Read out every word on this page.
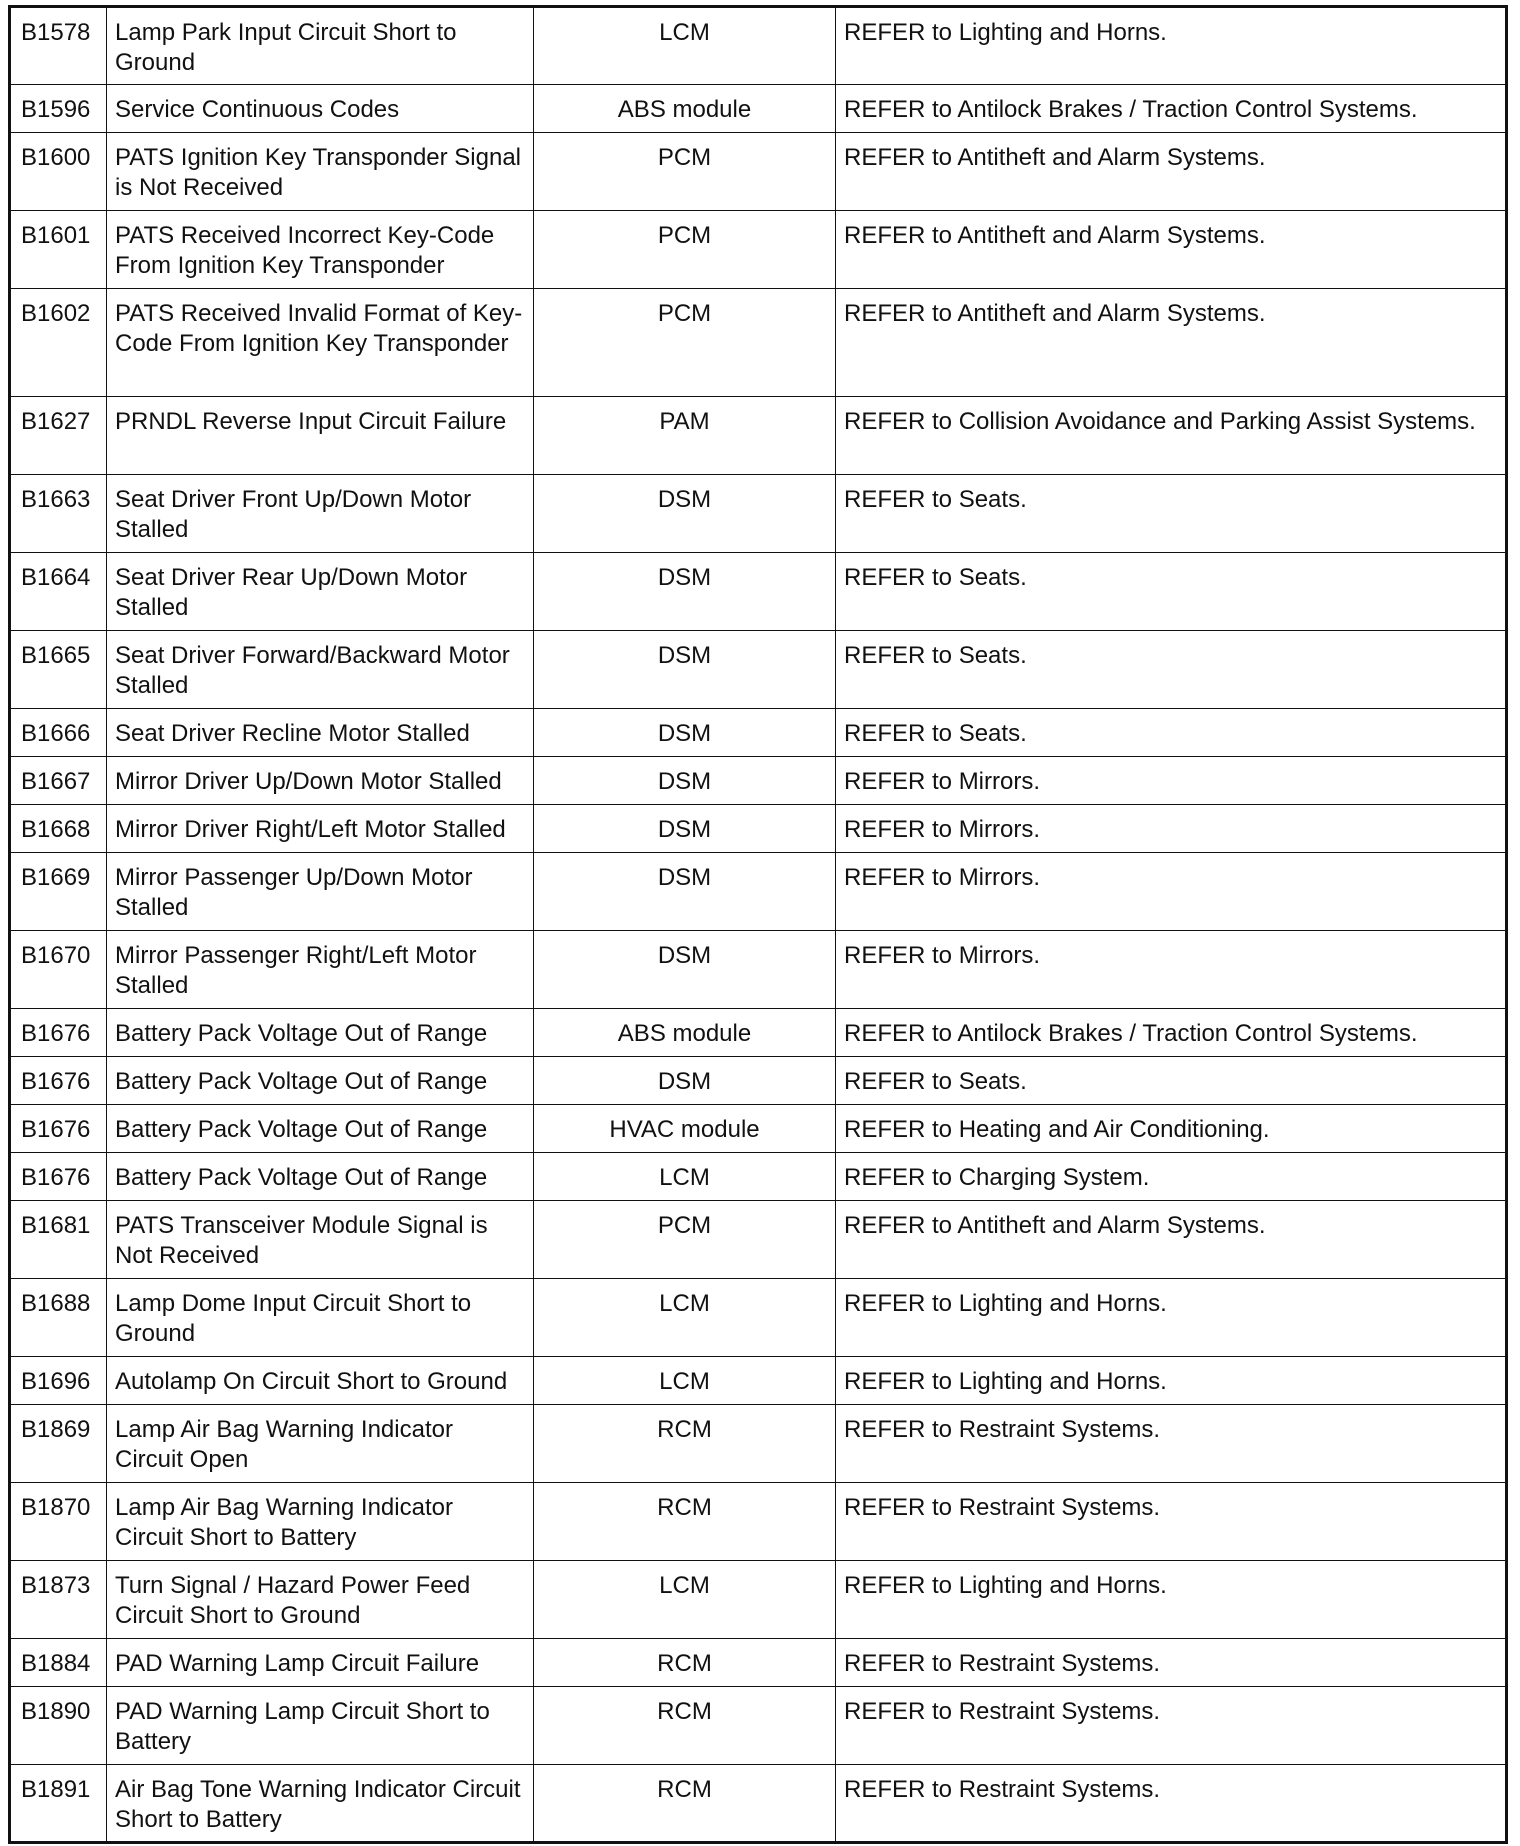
B1578	Lamp Park Input Circuit Short to Ground	LCM	REFER to Lighting and Horns.
B1596	Service Continuous Codes	ABS module	REFER to Antilock Brakes / Traction Control Systems.
B1600	PATS Ignition Key Transponder Signal is Not Received	PCM	REFER to Antitheft and Alarm Systems.
B1601	PATS Received Incorrect Key-Code From Ignition Key Transponder	PCM	REFER to Antitheft and Alarm Systems.
B1602	PATS Received Invalid Format of Key-Code From Ignition Key Transponder	PCM	REFER to Antitheft and Alarm Systems.
B1627	PRNDL Reverse Input Circuit Failure	PAM	REFER to Collision Avoidance and Parking Assist Systems.
B1663	Seat Driver Front Up/Down Motor Stalled	DSM	REFER to Seats.
B1664	Seat Driver Rear Up/Down Motor Stalled	DSM	REFER to Seats.
B1665	Seat Driver Forward/Backward Motor Stalled	DSM	REFER to Seats.
B1666	Seat Driver Recline Motor Stalled	DSM	REFER to Seats.
B1667	Mirror Driver Up/Down Motor Stalled	DSM	REFER to Mirrors.
B1668	Mirror Driver Right/Left Motor Stalled	DSM	REFER to Mirrors.
B1669	Mirror Passenger Up/Down Motor Stalled	DSM	REFER to Mirrors.
B1670	Mirror Passenger Right/Left Motor Stalled	DSM	REFER to Mirrors.
B1676	Battery Pack Voltage Out of Range	ABS module	REFER to Antilock Brakes / Traction Control Systems.
B1676	Battery Pack Voltage Out of Range	DSM	REFER to Seats.
B1676	Battery Pack Voltage Out of Range	HVAC module	REFER to Heating and Air Conditioning.
B1676	Battery Pack Voltage Out of Range	LCM	REFER to Charging System.
B1681	PATS Transceiver Module Signal is Not Received	PCM	REFER to Antitheft and Alarm Systems.
B1688	Lamp Dome Input Circuit Short to Ground	LCM	REFER to Lighting and Horns.
B1696	Autolamp On Circuit Short to Ground	LCM	REFER to Lighting and Horns.
B1869	Lamp Air Bag Warning Indicator Circuit Open	RCM	REFER to Restraint Systems.
B1870	Lamp Air Bag Warning Indicator Circuit Short to Battery	RCM	REFER to Restraint Systems.
B1873	Turn Signal / Hazard Power Feed Circuit Short to Ground	LCM	REFER to Lighting and Horns.
B1884	PAD Warning Lamp Circuit Failure	RCM	REFER to Restraint Systems.
B1890	PAD Warning Lamp Circuit Short to Battery	RCM	REFER to Restraint Systems.
B1891	Air Bag Tone Warning Indicator Circuit Short to Battery	RCM	REFER to Restraint Systems.
